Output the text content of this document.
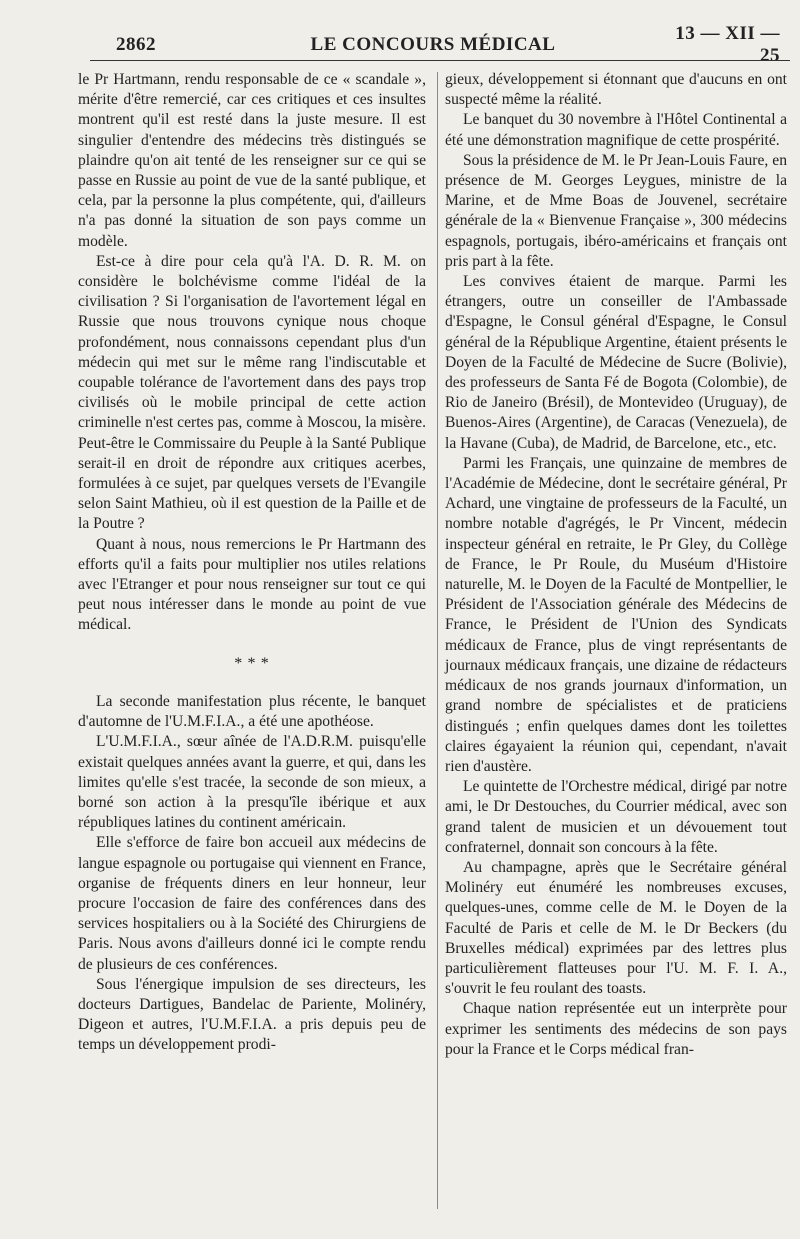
2862	LE CONCOURS MÉDICAL
13 — XII — 25

le Pr Hartmann, rendu responsable de ce « scandale », mérite d'être remercié, car ces critiques et ces insultes montrent qu'il est resté dans la juste mesure. Il est singulier d'entendre des médecins très distingués se plaindre qu'on ait tenté de les renseigner sur ce qui se passe en Russie au point de vue de la santé publique, et cela, par la personne la plus compétente, qui, d'ailleurs n'a pas donné la situation de son pays comme un modèle.

Est-ce à dire pour cela qu'à l'A. D. R. M. on considère le bolchévisme comme l'idéal de la civilisation ? Si l'organisation de l'avortement légal en Russie que nous trouvons cynique nous choque profondément, nous connaissons cependant plus d'un médecin qui met sur le même rang l'indiscutable et coupable tolérance de l'avortement dans des pays trop civilisés où le mobile principal de cette action criminelle n'est certes pas, comme à Moscou, la misère. Peut-être le Commissaire du Peuple à la Santé Publique serait-il en droit de répondre aux critiques acerbes, formulées à ce sujet, par quelques versets de l'Evangile selon Saint Mathieu, où il est question de la Paille et de la Poutre ?

Quant à nous, nous remercions le Pr Hartmann des efforts qu'il a faits pour multiplier nos utiles relations avec l'Etranger et pour nous renseigner sur tout ce qui peut nous intéresser dans le monde au point de vue médical.

* * *

La seconde manifestation plus récente, le banquet d'automne de l'U.M.F.I.A., a été une apothéose.

L'U.M.F.I.A., sœur aînée de l'A.D.R.M. puisqu'elle existait quelques années avant la guerre, et qui, dans les limites qu'elle s'est tracée, la seconde de son mieux, a borné son action à la presqu'île ibérique et aux républiques latines du continent américain.

Elle s'efforce de faire bon accueil aux médecins de langue espagnole ou portugaise qui viennent en France, organise de fréquents diners en leur honneur, leur procure l'occasion de faire des conférences dans des services hospitaliers ou à la Société des Chirurgiens de Paris. Nous avons d'ailleurs donné ici le compte rendu de plusieurs de ces conférences.

Sous l'énergique impulsion de ses directeurs, les docteurs Dartigues, Bandelac de Pariente, Molinéry, Digeon et autres, l'U.M.F.I.A. a pris depuis peu de temps un développement prodi-

gieux, développement si étonnant que d'aucuns en ont suspecté même la réalité.

Le banquet du 30 novembre à l'Hôtel Continental a été une démonstration magnifique de cette prospérité.

Sous la présidence de M. le Pr Jean-Louis Faure, en présence de M. Georges Leygues, ministre de la Marine, et de Mme Boas de Jouvenel, secrétaire générale de la « Bienvenue Française », 300 médecins espagnols, portugais, ibéro-américains et français ont pris part à la fête.

Les convives étaient de marque. Parmi les étrangers, outre un conseiller de l'Ambassade d'Espagne, le Consul général d'Espagne, le Consul général de la République Argentine, étaient présents le Doyen de la Faculté de Médecine de Sucre (Bolivie), des professeurs de Santa Fé de Bogota (Colombie), de Rio de Janeiro (Brésil), de Montevideo (Uruguay), de Buenos-Aires (Argentine), de Caracas (Venezuela), de la Havane (Cuba), de Madrid, de Barcelone, etc., etc.

Parmi les Français, une quinzaine de membres de l'Académie de Médecine, dont le secrétaire général, Pr Achard, une vingtaine de professeurs de la Faculté, un nombre notable d'agrégés, le Pr Vincent, médecin inspecteur général en retraite, le Pr Gley, du Collège de France, le Pr Roule, du Muséum d'Histoire naturelle, M. le Doyen de la Faculté de Montpellier, le Président de l'Association générale des Médecins de France, le Président de l'Union des Syndicats médicaux de France, plus de vingt représentants de journaux médicaux français, une dizaine de rédacteurs médicaux de nos grands journaux d'information, un grand nombre de spécialistes et de praticiens distingués ; enfin quelques dames dont les toilettes claires égayaient la réunion qui, cependant, n'avait rien d'austère.

Le quintette de l'Orchestre médical, dirigé par notre ami, le Dr Destouches, du Courrier médical, avec son grand talent de musicien et un dévouement tout confraternel, donnait son concours à la fête.

Au champagne, après que le Secrétaire général Molinéry eut énuméré les nombreuses excuses, quelques-unes, comme celle de M. le Doyen de la Faculté de Paris et celle de M. le Dr Beckers (du Bruxelles médical) exprimées par des lettres plus particulièrement flatteuses pour l'U. M. F. I. A., s'ouvrit le feu roulant des toasts.

Chaque nation représentée eut un interprète pour exprimer les sentiments des médecins de son pays pour la France et le Corps médical fran-
